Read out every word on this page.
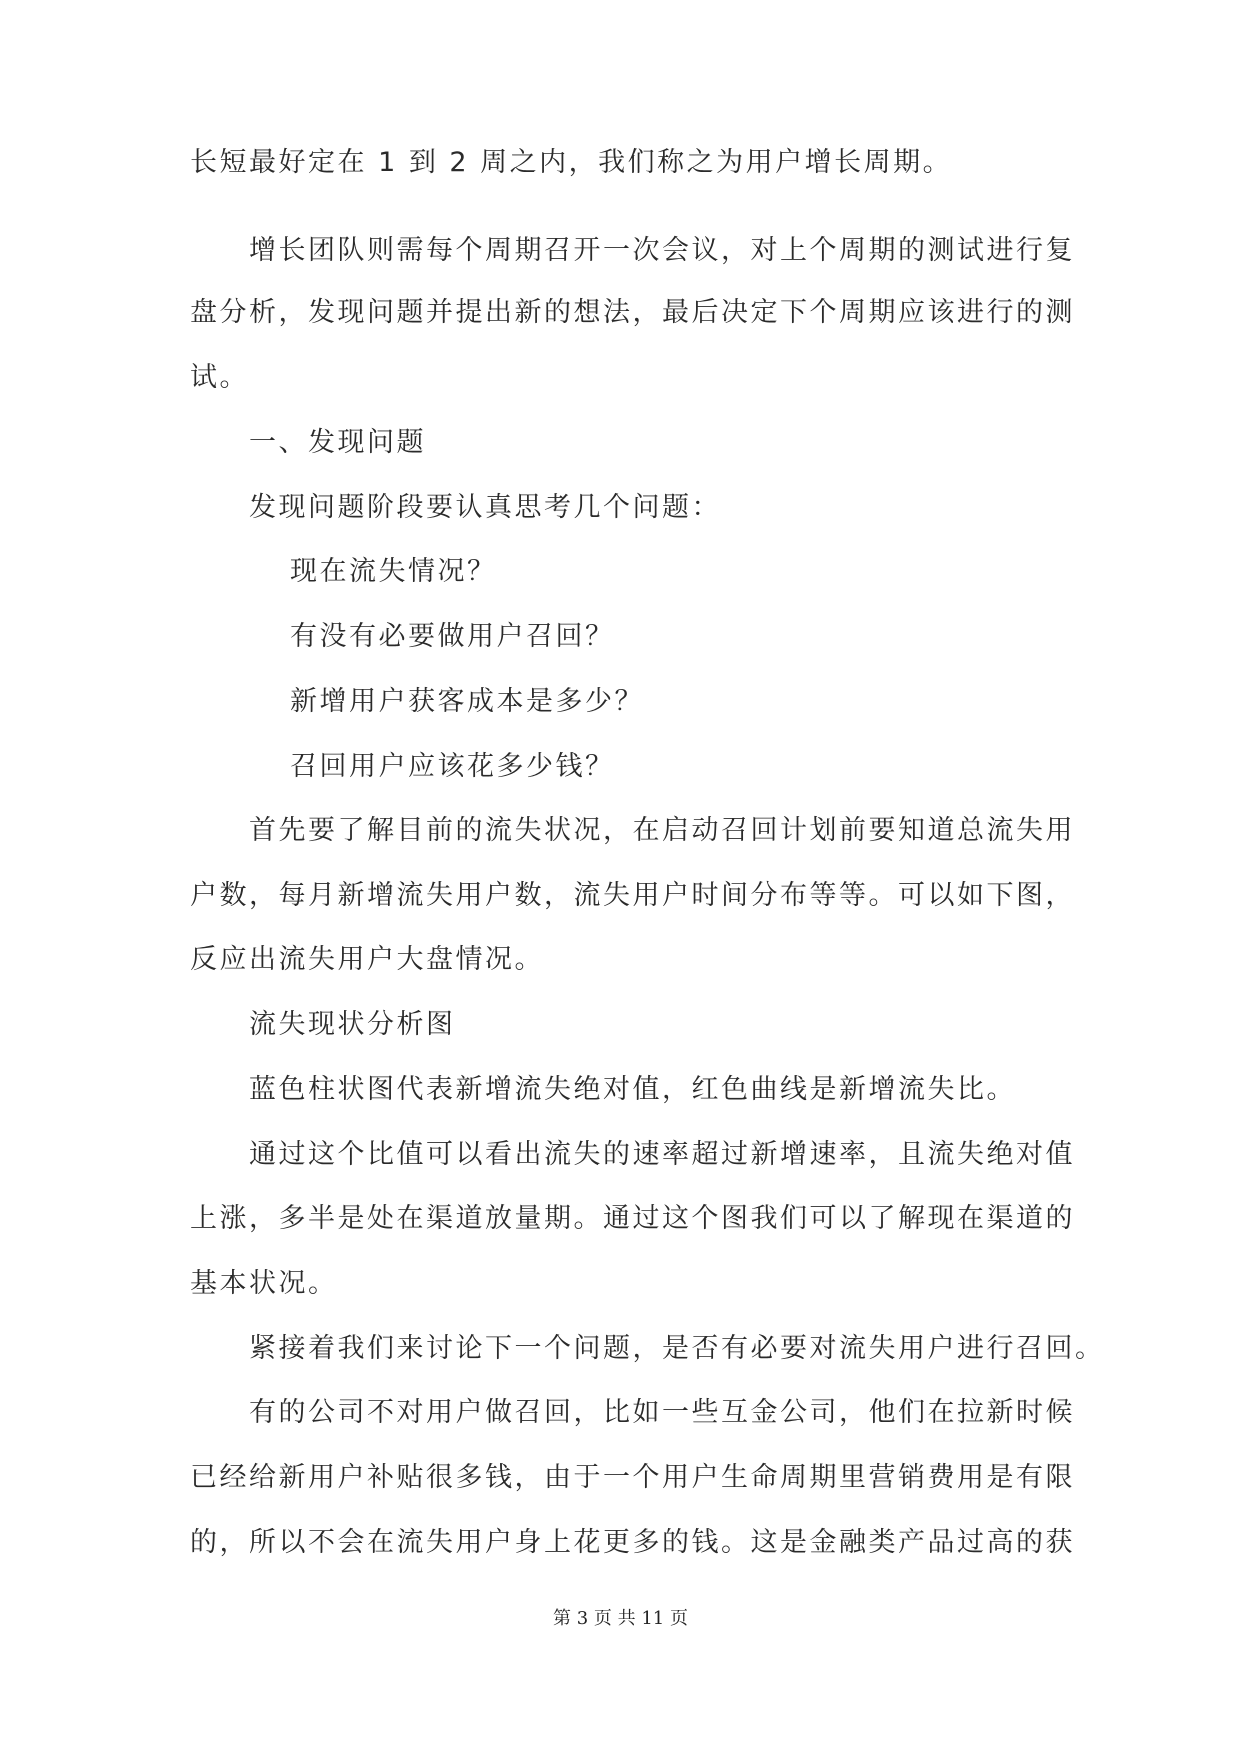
长短最好定在 1 到 2 周之内，我们称之为用户增长周期。
增长团队则需每个周期召开一次会议，对上个周期的测试进行复
盘分析，发现问题并提出新的想法，最后决定下个周期应该进行的测
试。
一、发现问题
发现问题阶段要认真思考几个问题：
现在流失情况？
有没有必要做用户召回？
新增用户获客成本是多少？
召回用户应该花多少钱？
首先要了解目前的流失状况，在启动召回计划前要知道总流失用
户数，每月新增流失用户数，流失用户时间分布等等。可以如下图，
反应出流失用户大盘情况。
流失现状分析图
蓝色柱状图代表新增流失绝对值，红色曲线是新增流失比。
通过这个比值可以看出流失的速率超过新增速率，且流失绝对值
上涨，多半是处在渠道放量期。通过这个图我们可以了解现在渠道的
基本状况。
紧接着我们来讨论下一个问题，是否有必要对流失用户进行召回。
有的公司不对用户做召回，比如一些互金公司，他们在拉新时候
已经给新用户补贴很多钱，由于一个用户生命周期里营销费用是有限
的，所以不会在流失用户身上花更多的钱。这是金融类产品过高的获
第 3 页 共 11 页
